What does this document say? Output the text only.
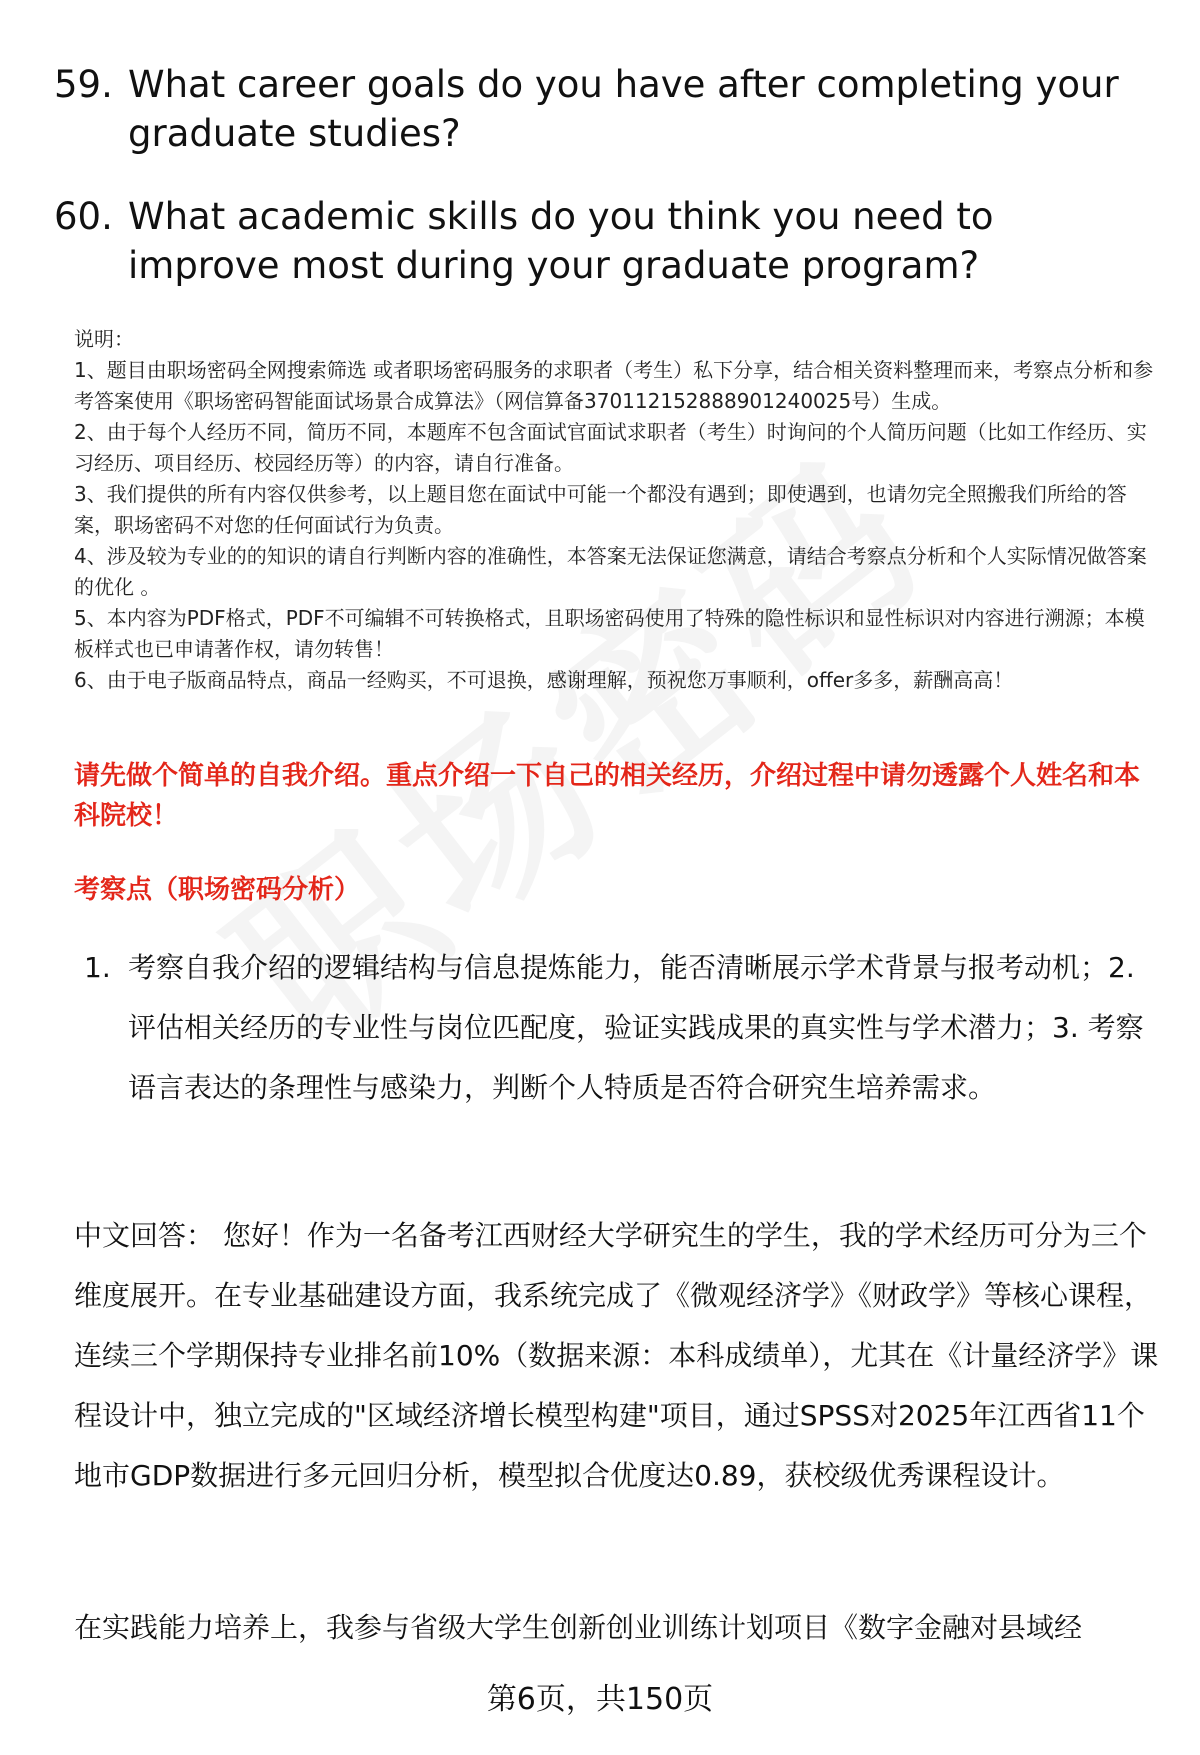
59. What career goals do you have after completing your graduate studies?
60. What academic skills do you think you need to improve most during your graduate program?

说明：

1、题目由职场密码全网搜索筛选 或者职场密码服务的求职者（考生）私下分享，结合相关资料整理而来，考察点分析和参考答案使用《职场密码智能面试场景合成算法》（网信算备370112152888901240025号）生成。

2、由于每个人经历不同，简历不同，本题库不包含面试官面试求职者（考生）时询问的个人简历问题（比如工作经历、实习经历、项目经历、校园经历等）的内容，请自行准备。

3、我们提供的所有内容仅供参考，以上题目您在面试中可能一个都没有遇到；即使遇到，也请勿完全照搬我们所给的答案，职场密码不对您的任何面试行为负责。

4、涉及较为专业的的知识的请自行判断内容的准确性，本答案无法保证您满意，请结合考察点分析和个人实际情况做答案的优化 。

5、本内容为PDF格式，PDF不可编辑不可转换格式，且职场密码使用了特殊的隐性标识和显性标识对内容进行溯源；本模板样式也已申请著作权，请勿转售！

6、由于电子版商品特点，商品一经购买，不可退换，感谢理解，预祝您万事顺利，offer多多，薪酬高高！

请先做个简单的自我介绍。重点介绍一下自己的相关经历，介绍过程中请勿透露个人姓名和本科院校！
考察点（职场密码分析）
1. 考察自我介绍的逻辑结构与信息提炼能力，能否清晰展示学术背景与报考动机；2. 评估相关经历的专业性与岗位匹配度，验证实践成果的真实性与学术潜力；3. 考察语言表达的条理性与感染力，判断个人特质是否符合研究生培养需求。
中文回答： 您好！作为一名备考江西财经大学研究生的学生，我的学术经历可分为三个维度展开。在专业基础建设方面，我系统完成了《微观经济学》《财政学》等核心课程，连续三个学期保持专业排名前10%（数据来源：本科成绩单），尤其在《计量经济学》课程设计中，独立完成的"区域经济增长模型构建"项目，通过SPSS对2025年江西省11个地市GDP数据进行多元回归分析，模型拟合优度达0.89，获校级优秀课程设计。
在实践能力培养上，我参与省级大学生创新创业训练计划项目《数字金融对县域经
第6页，共150页
